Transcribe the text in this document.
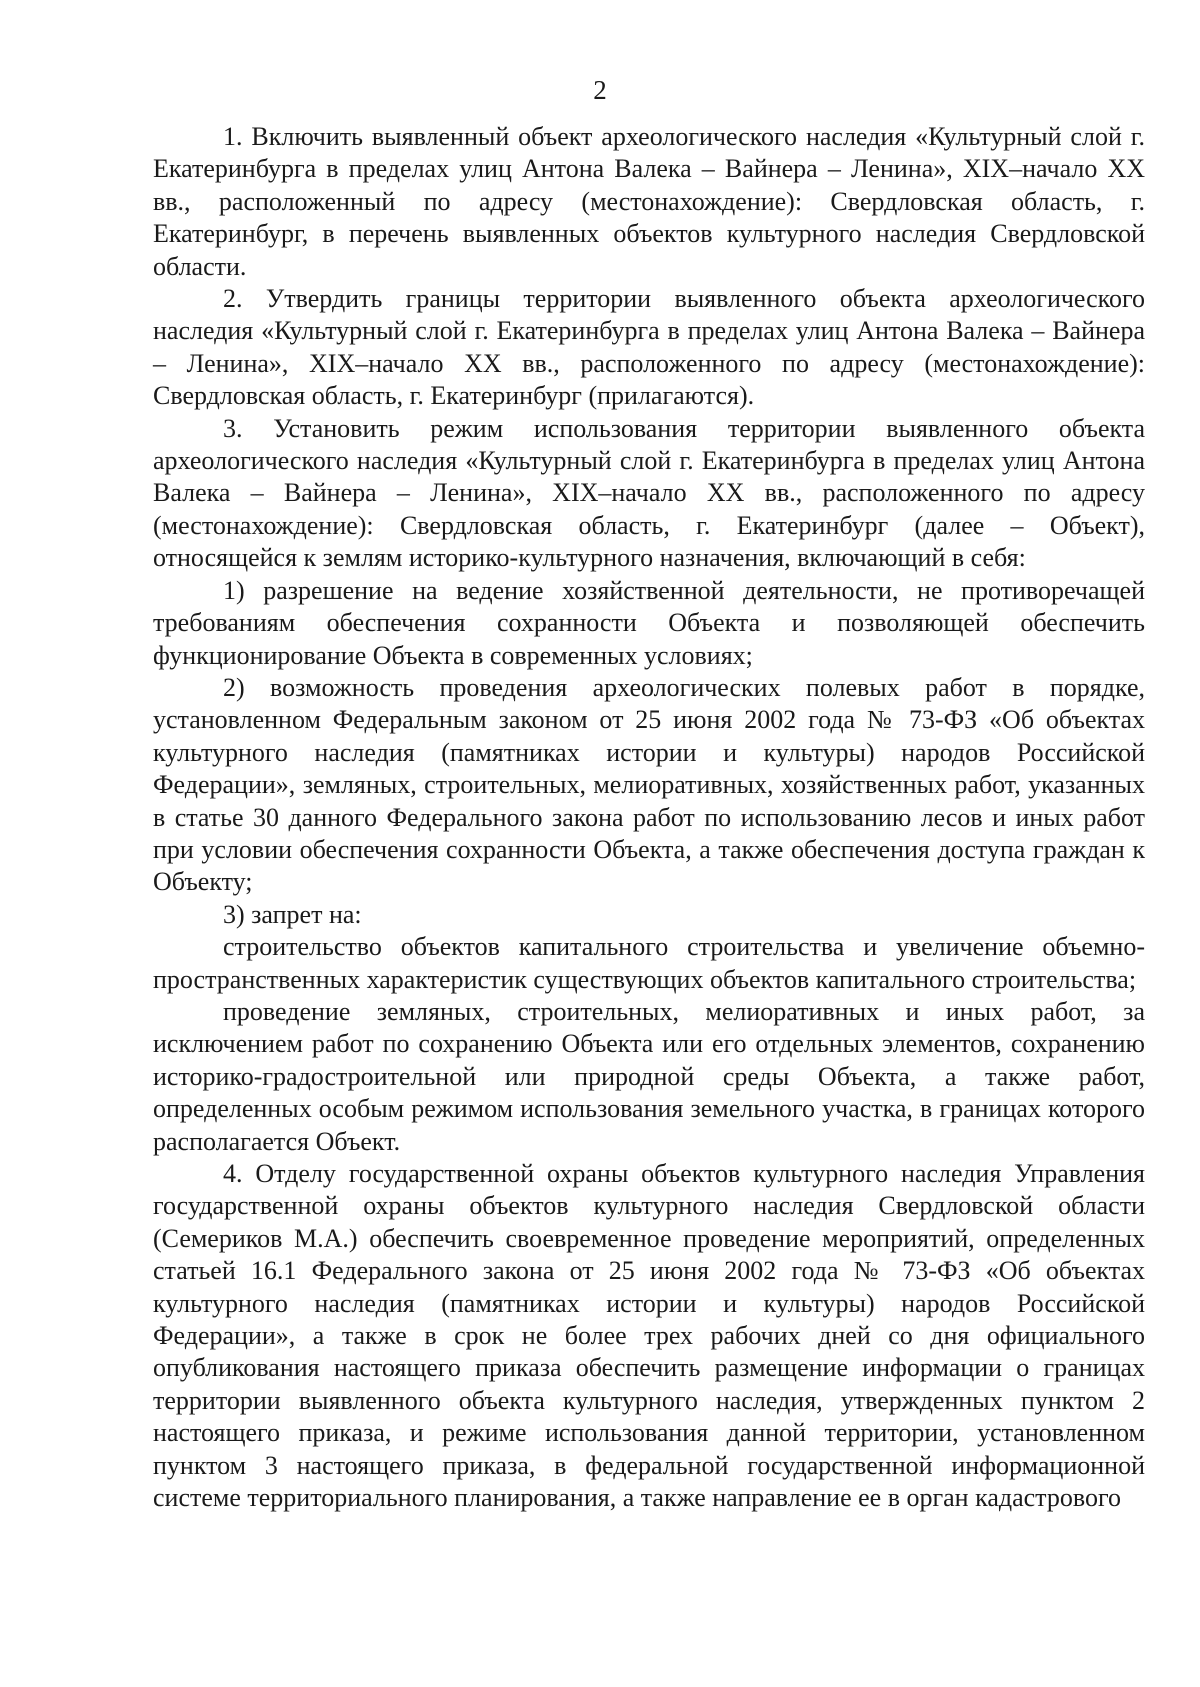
2

1. Включить выявленный объект археологического наследия «Культурный слой г. Екатеринбурга в пределах улиц Антона Валека – Вайнера – Ленина», XIX–начало XX вв., расположенный по адресу (местонахождение): Свердловская область, г. Екатеринбург, в перечень выявленных объектов культурного наследия Свердловской области.

2. Утвердить границы территории выявленного объекта археологического наследия «Культурный слой г. Екатеринбурга в пределах улиц Антона Валека – Вайнера – Ленина», XIX–начало XX вв., расположенного по адресу (местонахождение): Свердловская область, г. Екатеринбург (прилагаются).

3. Установить режим использования территории выявленного объекта археологического наследия «Культурный слой г. Екатеринбурга в пределах улиц Антона Валека – Вайнера – Ленина», XIX–начало XX вв., расположенного по адресу (местонахождение): Свердловская область, г. Екатеринбург (далее – Объект), относящейся к землям историко-культурного назначения, включающий в себя:

1) разрешение на ведение хозяйственной деятельности, не противоречащей требованиям обеспечения сохранности Объекта и позволяющей обеспечить функционирование Объекта в современных условиях;

2) возможность проведения археологических полевых работ в порядке, установленном Федеральным законом от 25 июня 2002 года № 73-ФЗ «Об объектах культурного наследия (памятниках истории и культуры) народов Российской Федерации», земляных, строительных, мелиоративных, хозяйственных работ, указанных в статье 30 данного Федерального закона работ по использованию лесов и иных работ при условии обеспечения сохранности Объекта, а также обеспечения доступа граждан к Объекту;

3) запрет на:

строительство объектов капитального строительства и увеличение объемно-пространственных характеристик существующих объектов капитального строительства;

проведение земляных, строительных, мелиоративных и иных работ, за исключением работ по сохранению Объекта или его отдельных элементов, сохранению историко-градостроительной или природной среды Объекта, а также работ, определенных особым режимом использования земельного участка, в границах которого располагается Объект.

4. Отделу государственной охраны объектов культурного наследия Управления государственной охраны объектов культурного наследия Свердловской области (Семериков М.А.) обеспечить своевременное проведение мероприятий, определенных статьей 16.1 Федерального закона от 25 июня 2002 года № 73-ФЗ «Об объектах культурного наследия (памятниках истории и культуры) народов Российской Федерации», а также в срок не более трех рабочих дней со дня официального опубликования настоящего приказа обеспечить размещение информации о границах территории выявленного объекта культурного наследия, утвержденных пунктом 2 настоящего приказа, и режиме использования данной территории, установленном пунктом 3 настоящего приказа, в федеральной государственной информационной системе территориального планирования, а также направление ее в орган кадастрового
